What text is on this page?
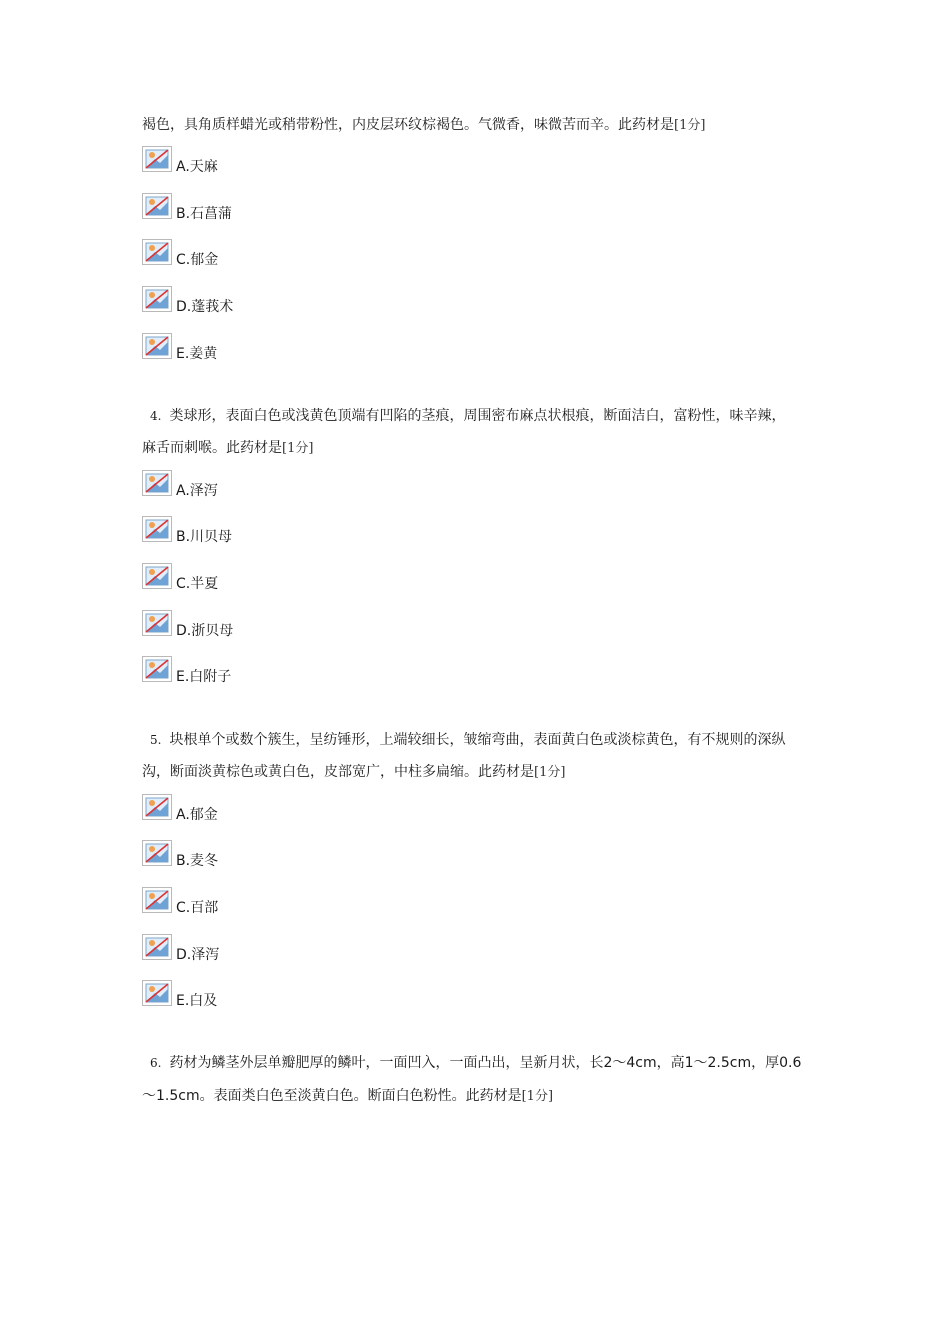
褐色，具角质样蜡光或稍带粉性，内皮层环纹棕褐色。气微香，味微苦而辛。此药材是[1分]
A.天麻
B.石菖蒲
C.郁金
D.蓬莪术
E.姜黄
4. 类球形，表面白色或浅黄色顶端有凹陷的茎痕，周围密布麻点状根痕，断面洁白，富粉性，味辛辣，
麻舌而刺喉。此药材是[1分]
A.泽泻
B.川贝母
C.半夏
D.浙贝母
E.白附子
5. 块根单个或数个簇生，呈纺锤形，上端较细长，皱缩弯曲，表面黄白色或淡棕黄色，有不规则的深纵
沟，断面淡黄棕色或黄白色，皮部宽广，中柱多扁缩。此药材是[1分]
A.郁金
B.麦冬
C.百部
D.泽泻
E.白及
6. 药材为鳞茎外层单瓣肥厚的鳞叶，一面凹入，一面凸出，呈新月状，长2～4cm，高1～2.5cm，厚0.6
～1.5cm。表面类白色至淡黄白色。断面白色粉性。此药材是[1分]
